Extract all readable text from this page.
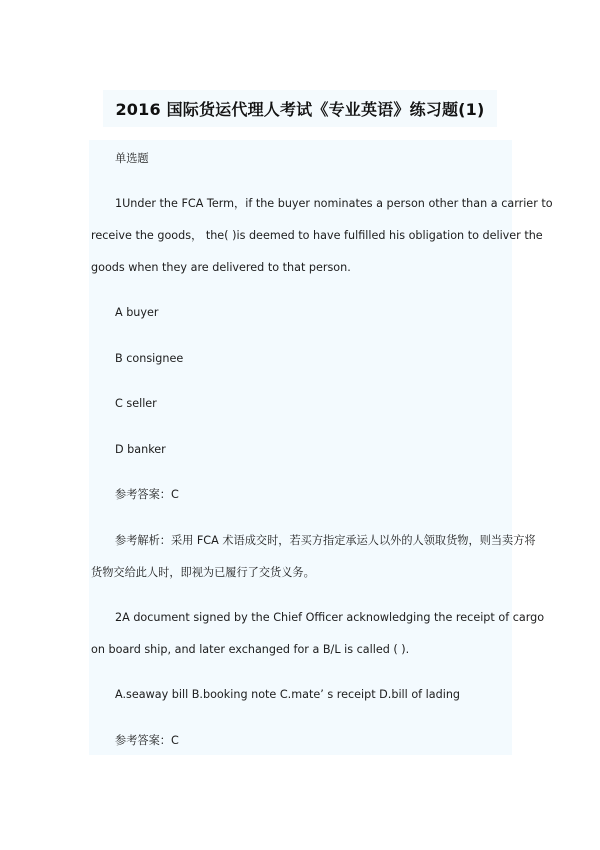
2016 国际货运代理人考试《专业英语》练习题(1)
单选题
1Under the FCA Term，if the buyer nominates a person other than a carrier to
receive the goods， the( )is deemed to have fulfilled his obligation to deliver the
goods when they are delivered to that person.
A buyer
B consignee
C seller
D banker
参考答案：C
参考解析：采用 FCA 术语成交时，若买方指定承运人以外的人领取货物，则当卖方将
货物交给此人时，即视为已履行了交货义务。
2A document signed by the Chief Officer acknowledging the receipt of cargo
on board ship, and later exchanged for a B/L is called ( ).
A.seaway bill B.booking note C.mate’ s receipt D.bill of lading
参考答案：C
